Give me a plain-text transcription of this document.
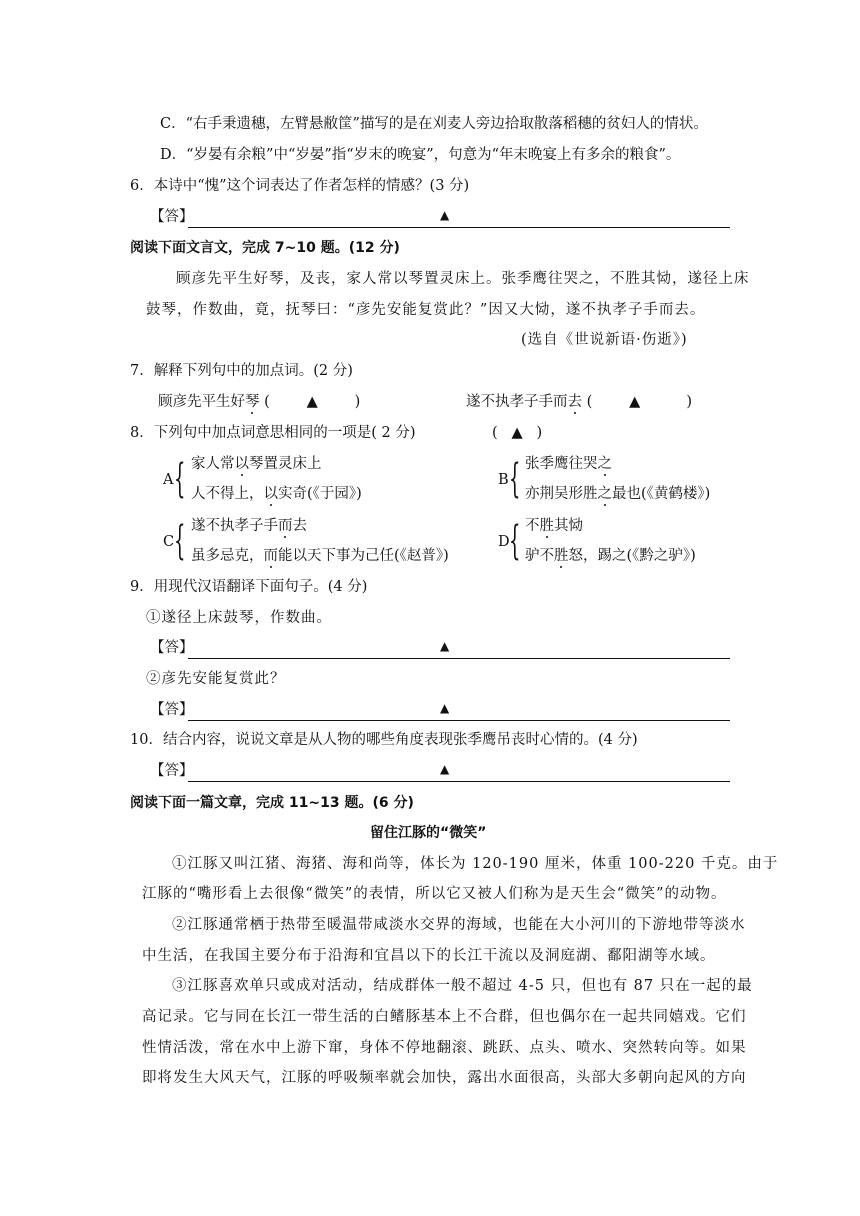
C．“右手秉遗穗，左臂悬敝筐”描写的是在刈麦人旁边拾取散落稻穗的贫妇人的情状。
D．“岁晏有余粮”中“岁晏”指“岁末的晚宴”，句意为“年末晚宴上有多余的粮食”。
6．本诗中“愧”这个词表达了作者怎样的情感？(3 分)
【答】	▲
阅读下面文言文，完成 7~10 题。(12 分)
顾彦先平生好琴，及丧，家人常以琴置灵床上。张季鹰往哭之，不胜其恸，遂径上床
鼓琴，作数曲，竟，抚琴曰：“彦先安能复赏此？”因又大恸，遂不执孝子手而去。
(选自《世说新语·伤逝》)
7．解释下列句中的加点词。(2 分)
顾彦先平生好琴 (        ▲        )	遂不执孝子手而去 (        ▲          )
8．下列句中加点词意思相同的一项是( 2 分)	(   ▲   )
A { 家人常以琴置灵床上
人不得上，以实奇(《于园》)
B { 张季鹰往哭之
亦荆吴形胜之最也(《黄鹤楼》)
C { 遂不执孝子手而去
虽多忌克，而能以天下事为己任(《赵普》)
D { 不胜其恸
驴不胜怒，踢之(《黔之驴》)
9．用现代汉语翻译下面句子。(4 分)
①遂径上床鼓琴，作数曲。
【答】	▲
②彦先安能复赏此？
【答】	▲
10．结合内容，说说文章是从人物的哪些角度表现张季鹰吊丧时心情的。(4 分)
【答】	▲
阅读下面一篇文章，完成 11~13 题。(6 分)
留住江豚的“微笑”
①江豚又叫江猪、海猪、海和尚等，体长为 120-190 厘米，体重 100-220 千克。由于
江豚的“嘴形看上去很像“微笑”的表情，所以它又被人们称为是天生会“微笑”的动物。
②江豚通常栖于热带至暖温带咸淡水交界的海域，也能在大小河川的下游地带等淡水
中生活，在我国主要分布于沿海和宜昌以下的长江干流以及洞庭湖、鄱阳湖等水域。
③江豚喜欢单只或成对活动，结成群体一般不超过 4-5 只，但也有 87 只在一起的最
高记录。它与同在长江一带生活的白鳍豚基本上不合群，但也偶尔在一起共同嬉戏。它们
性情活泼，常在水中上游下窜，身体不停地翻滚、跳跃、点头、喷水、突然转向等。如果
即将发生大风天气，江豚的呼吸频率就会加快，露出水面很高，头部大多朝向起风的方向
